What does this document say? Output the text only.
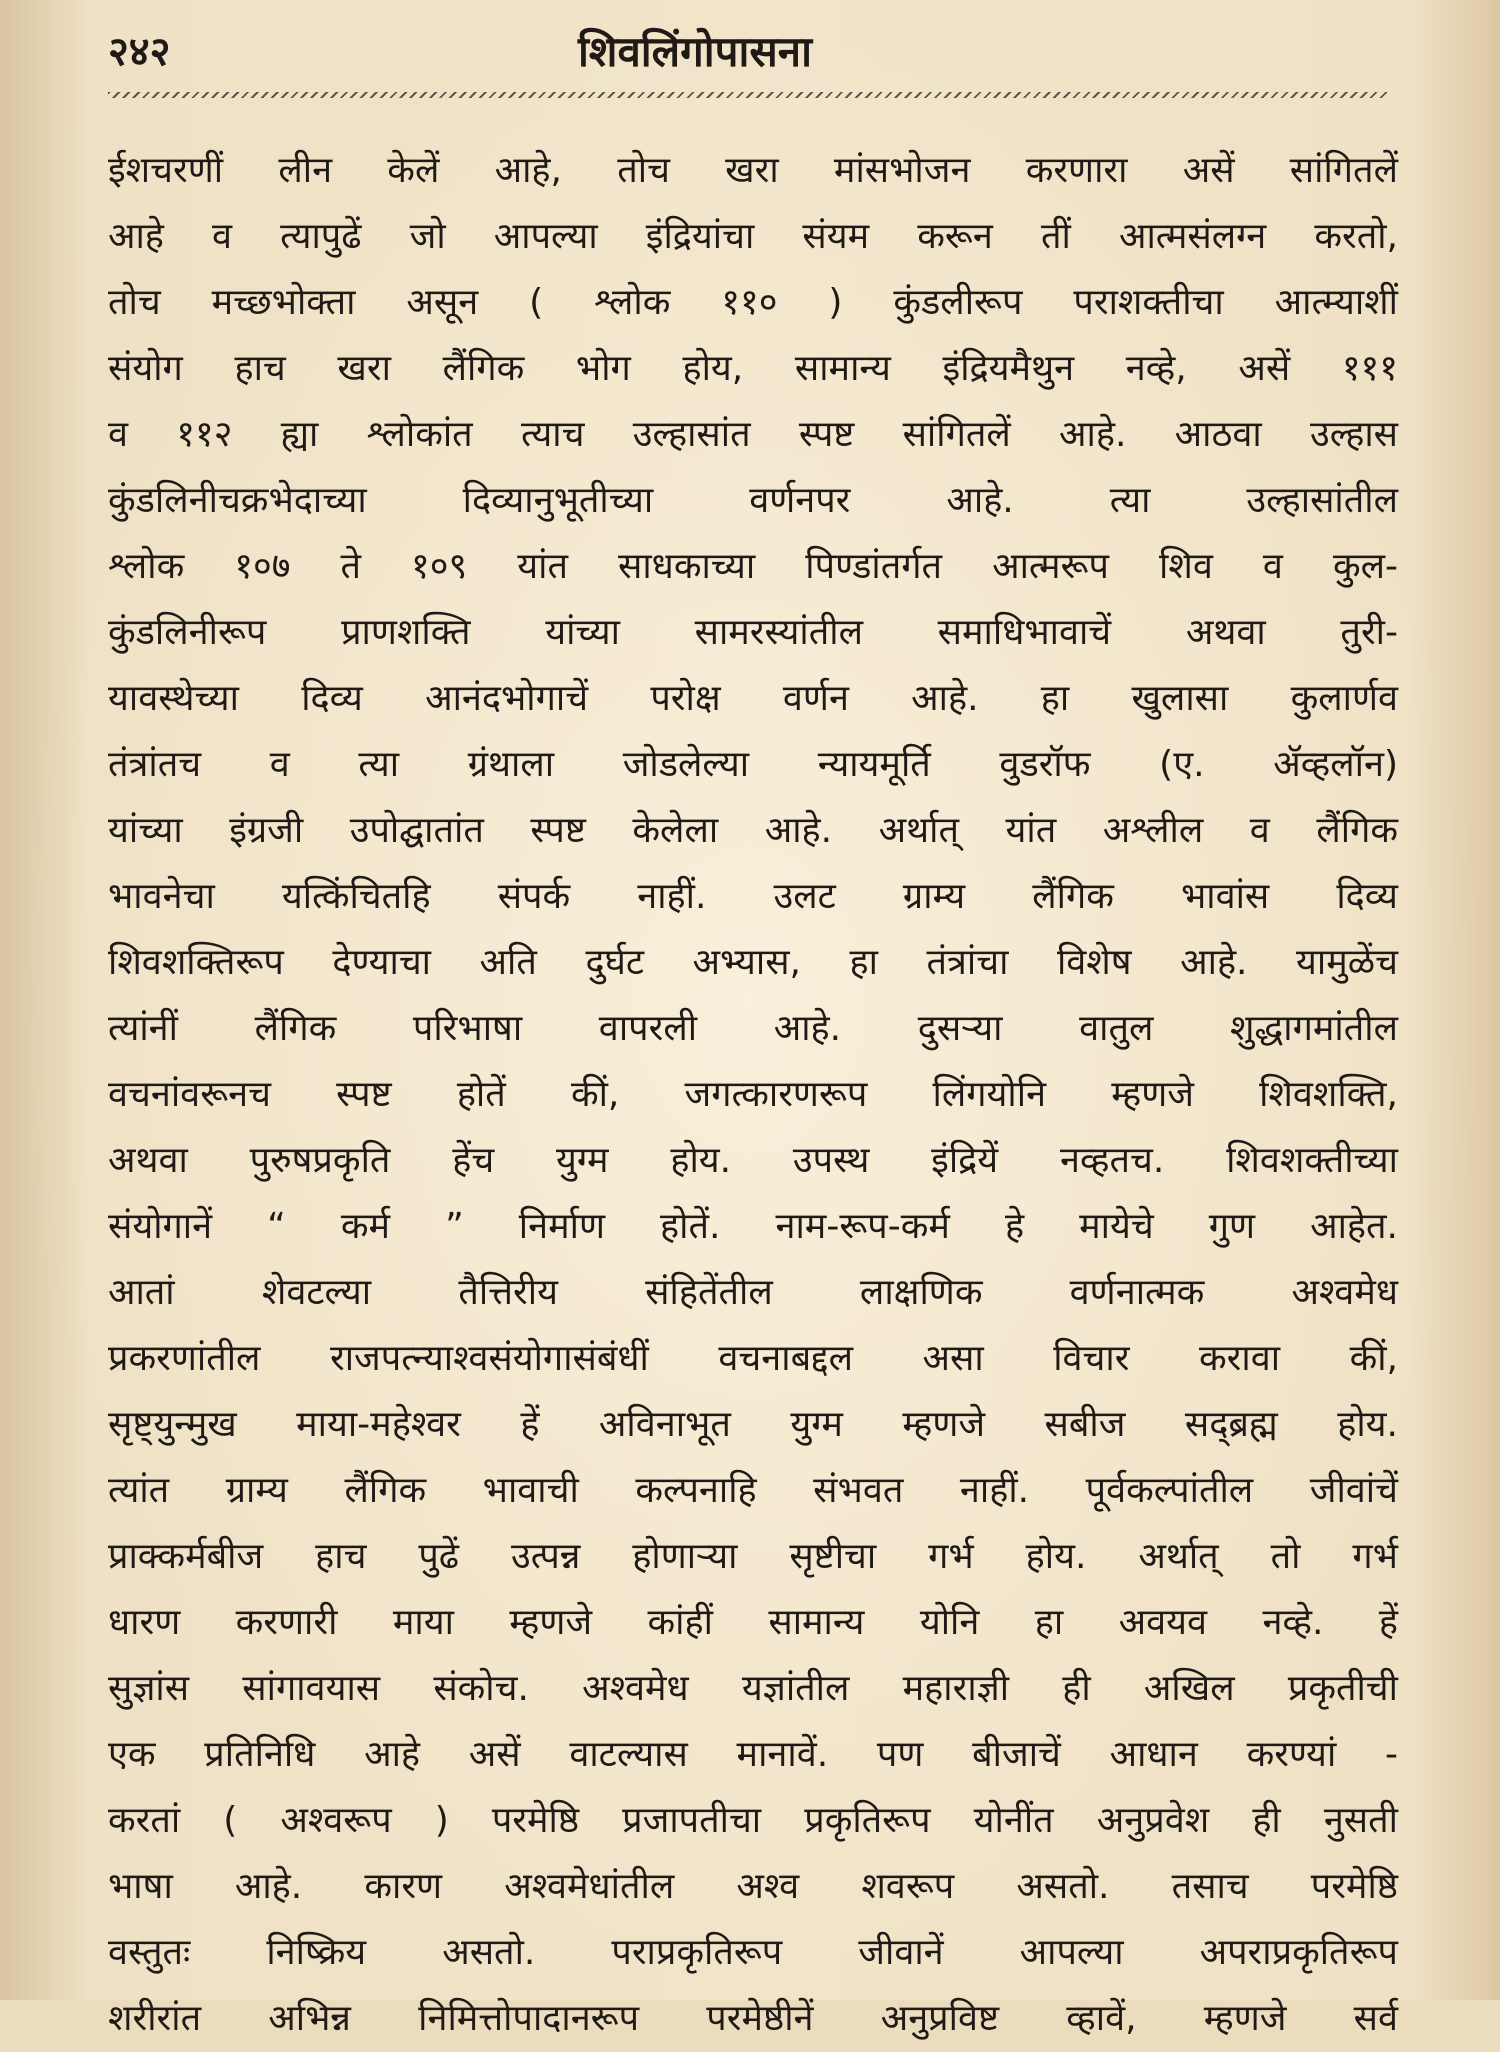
२४२	शिवलिंगोपासना
ईशचरणीं लीन केलें आहे, तोच खरा मांसभोजन करणारा असें सांगितलें
आहे व त्यापुढें जो आपल्या इंद्रियांचा संयम करून तीं आत्मसंलग्न करतो,
तोच मच्छभोक्ता असून ( श्लोक ११० ) कुंडलीरूप पराशक्तीचा आत्म्याशीं
संयोग हाच खरा लैंगिक भोग होय, सामान्य इंद्रियमैथुन नव्हे, असें १११
व ११२ ह्या श्लोकांत त्याच उल्हासांत स्पष्ट सांगितलें आहे. आठवा उल्हास
कुंडलिनीचक्रभेदाच्या दिव्यानुभूतीच्या वर्णनपर आहे. त्या उल्हासांतील
श्लोक १०७ ते १०९ यांत साधकाच्या पिण्डांतर्गत आत्मरूप शिव व कुल-
कुंडलिनीरूप प्राणशक्ति यांच्या सामरस्यांतील समाधिभावाचें अथवा तुरी-
यावस्थेच्या दिव्य आनंदभोगाचें परोक्ष वर्णन आहे. हा खुलासा कुलार्णव
तंत्रांतच व त्या ग्रंथाला जोडलेल्या न्यायमूर्ति वुडरॉफ (ए. ॲव्हलॉन)
यांच्या इंग्रजी उपोद्घातांत स्पष्ट केलेला आहे. अर्थात् यांत अश्लील व लैंगिक
भावनेचा यत्किंचितहि संपर्क नाहीं. उलट ग्राम्य लैंगिक भावांस दिव्य
शिवशक्तिरूप देण्याचा अति दुर्घट अभ्यास, हा तंत्रांचा विशेष आहे. यामुळेंच
त्यांनीं लैंगिक परिभाषा वापरली आहे. दुसऱ्या वातुल शुद्धागमांतील
वचनांवरूनच स्पष्ट होतें कीं, जगत्कारणरूप लिंगयोनि म्हणजे शिवशक्ति,
अथवा पुरुषप्रकृति हेंच युग्म होय. उपस्थ इंद्रियें नव्हतच. शिवशक्तीच्या
संयोगानें “ कर्म ” निर्माण होतें. नाम-रूप-कर्म हे मायेचे गुण आहेत.
आतां शेवटल्या तैत्तिरीय संहितेंतील लाक्षणिक वर्णनात्मक अश्वमेध
प्रकरणांतील राजपत्न्याश्वसंयोगासंबंधीं वचनाबद्दल असा विचार करावा कीं,
सृष्ट्युन्मुख माया-महेश्वर हें अविनाभूत युग्म म्हणजे सबीज सद्ब्रह्म होय.
त्यांत ग्राम्य लैंगिक भावाची कल्पनाहि संभवत नाहीं. पूर्वकल्पांतील जीवांचें
प्राक्कर्मबीज हाच पुढें उत्पन्न होणाऱ्या सृष्टीचा गर्भ होय. अर्थात् तो गर्भ
धारण करणारी माया म्हणजे कांहीं सामान्य योनि हा अवयव नव्हे. हें
सुज्ञांस सांगावयास संकोच. अश्वमेध यज्ञांतील महाराज्ञी ही अखिल प्रकृतीची
एक प्रतिनिधि आहे असें वाटल्यास मानावें. पण बीजाचें आधान करण्यां -
करतां ( अश्वरूप ) परमेष्ठि प्रजापतीचा प्रकृतिरूप योनींत अनुप्रवेश ही नुसती
भाषा आहे. कारण अश्वमेधांतील अश्व शवरूप असतो. तसाच परमेष्ठि
वस्तुतः निष्क्रिय असतो. पराप्रकृतिरूप जीवानें आपल्या अपराप्रकृतिरूप
शरीरांत अभिन्न निमित्तोपादानरूप परमेष्ठीनें अनुप्रविष्ट व्हावें, म्हणजे सर्व
